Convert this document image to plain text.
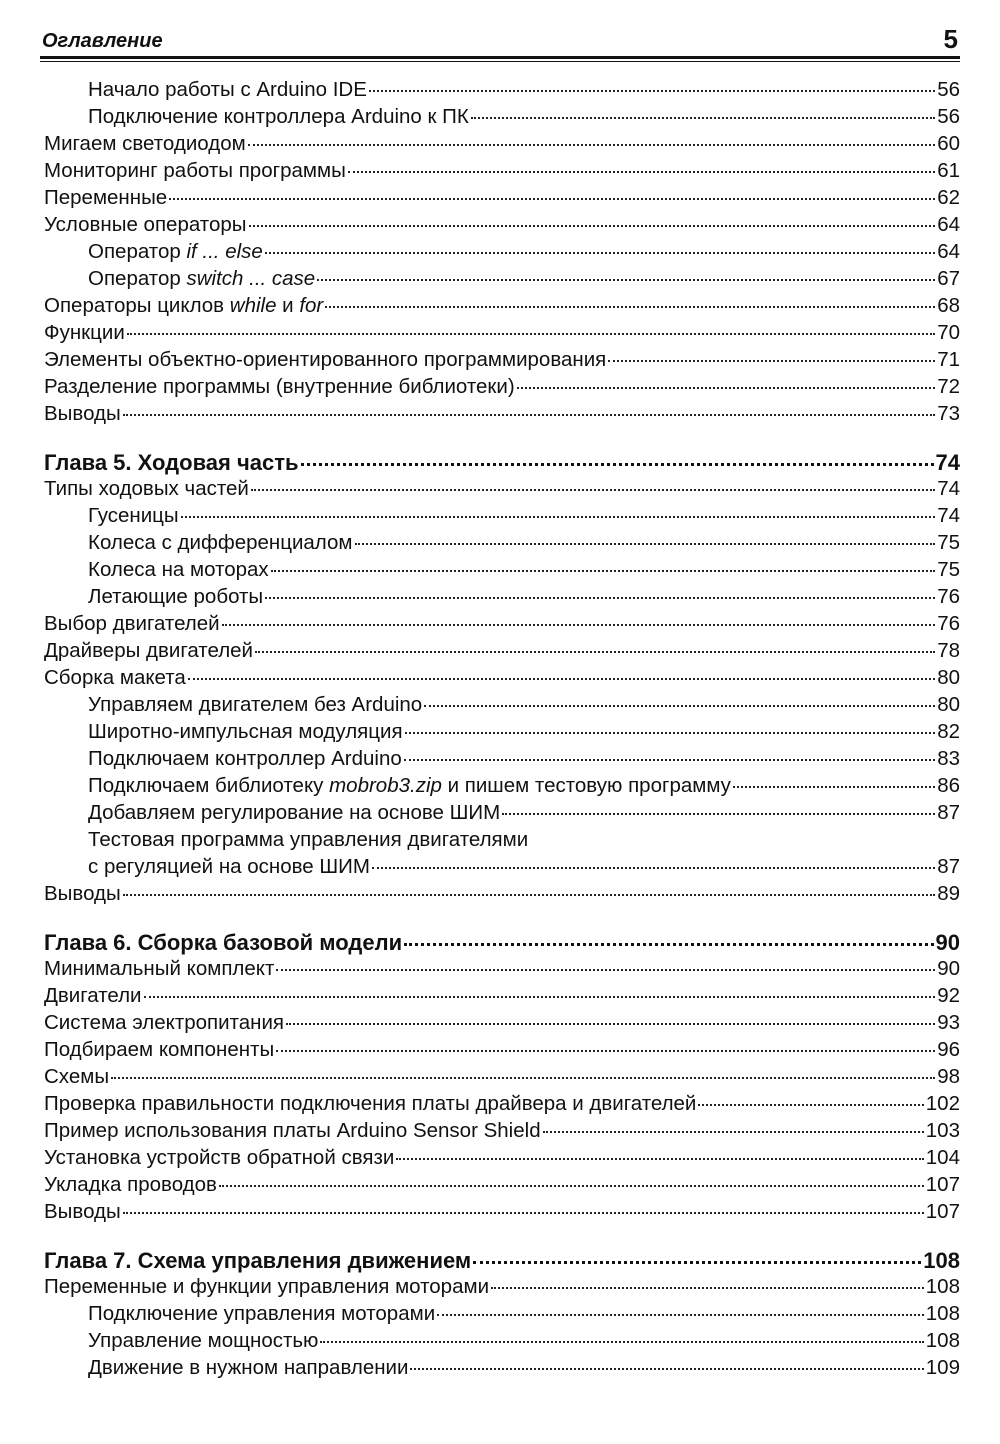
Оглавление	5
Начало работы с Arduino IDE	56
Подключение контроллера Arduino к ПК	56
Мигаем светодиодом	60
Мониторинг работы программы	61
Переменные	62
Условные операторы	64
Оператор if ... else	64
Оператор switch ... case	67
Операторы циклов while и for	68
Функции	70
Элементы объектно-ориентированного программирования	71
Разделение программы (внутренние библиотеки)	72
Выводы	73
Глава 5. Ходовая часть	74
Типы ходовых частей	74
Гусеницы	74
Колеса с дифференциалом	75
Колеса на моторах	75
Летающие роботы	76
Выбор двигателей	76
Драйверы двигателей	78
Сборка макета	80
Управляем двигателем без Arduino	80
Широтно-импульсная модуляция	82
Подключаем контроллер Arduino	83
Подключаем библиотеку mobrob3.zip и пишем тестовую программу	86
Добавляем регулирование на основе ШИМ	87
Тестовая программа управления двигателями
с регуляцией на основе ШИМ	87
Выводы	89
Глава 6. Сборка базовой модели	90
Минимальный комплект	90
Двигатели	92
Система электропитания	93
Подбираем компоненты	96
Схемы	98
Проверка правильности подключения платы драйвера и двигателей	102
Пример использования платы Arduino Sensor Shield	103
Установка устройств обратной связи	104
Укладка проводов	107
Выводы	107
Глава 7. Схема управления движением	108
Переменные и функции управления моторами	108
Подключение управления моторами	108
Управление мощностью	108
Движение в нужном направлении	109
